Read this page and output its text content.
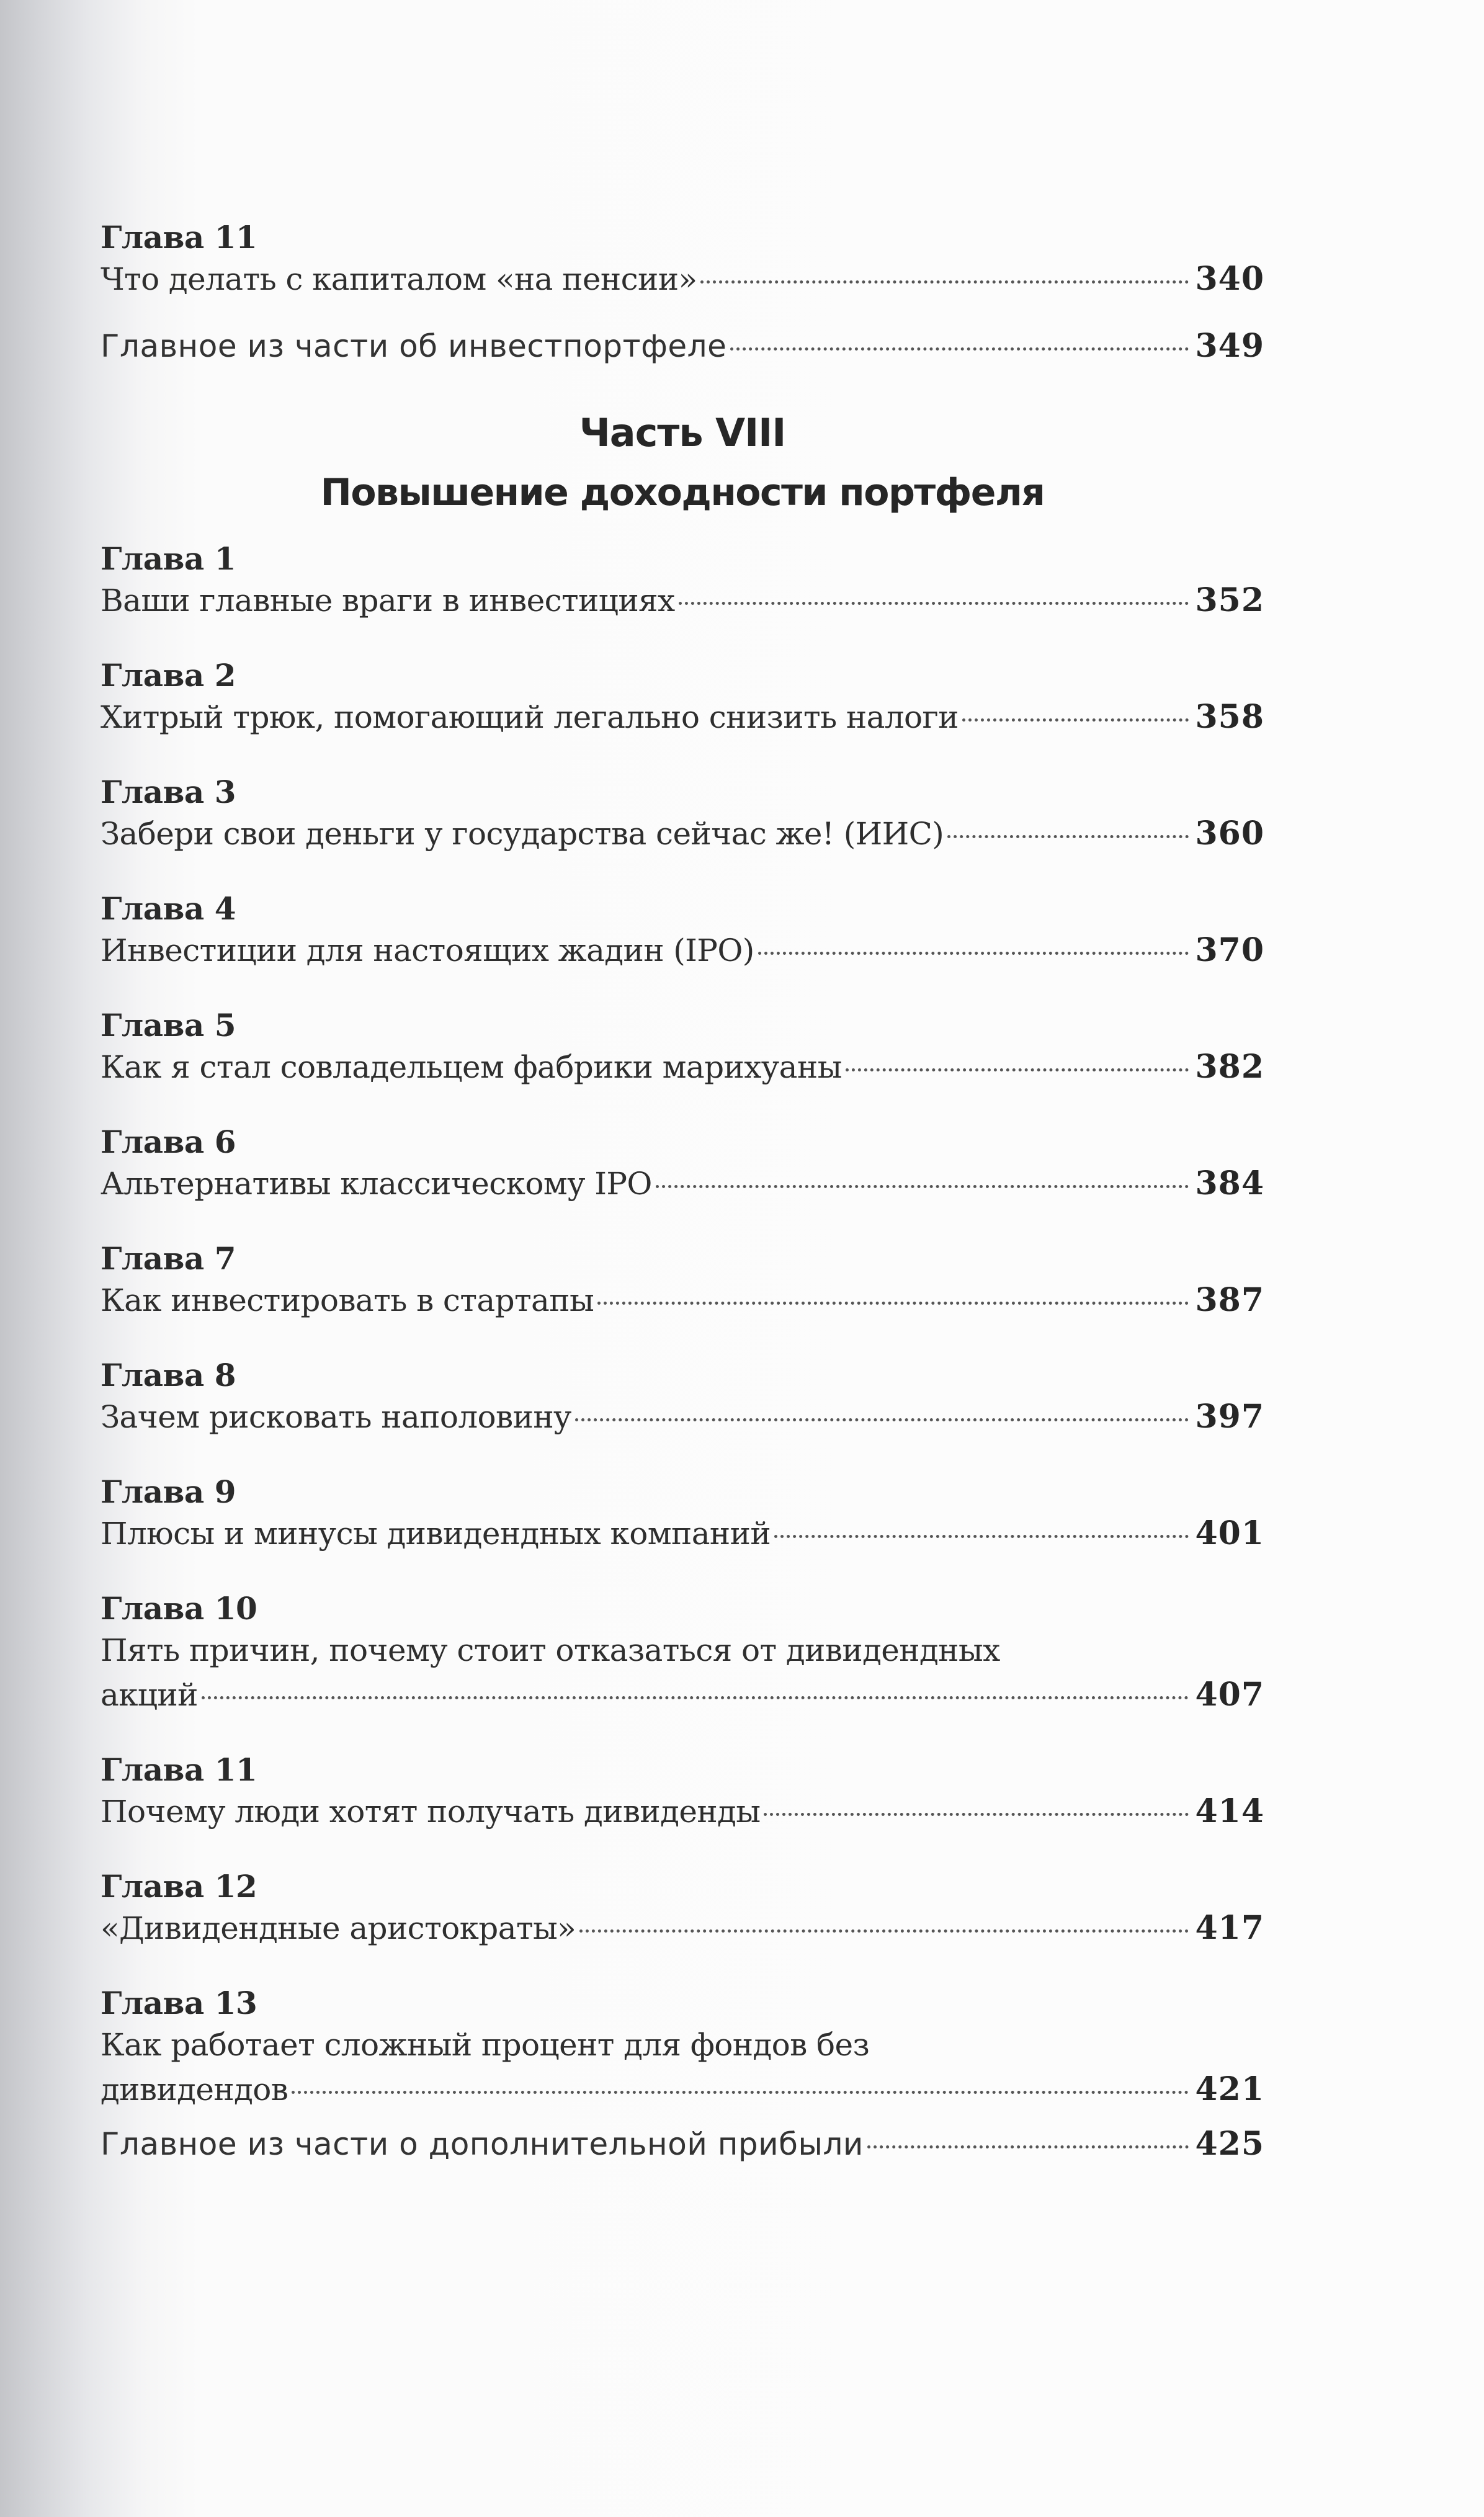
Глава 11
Что делать с капиталом «на пенсии»	340
Главное из части об инвестпортфеле	349
Часть VIII
Повышение доходности портфеля
Глава 1
Ваши главные враги в инвестициях	352
Глава 2
Хитрый трюк, помогающий легально снизить налоги	358
Глава 3
Забери свои деньги у государства сейчас же! (ИИС)	360
Глава 4
Инвестиции для настоящих жадин (IPO)	370
Глава 5
Как я стал совладельцем фабрики марихуаны	382
Глава 6
Альтернативы классическому IPO	384
Глава 7
Как инвестировать в стартапы	387
Глава 8
Зачем рисковать наполовину	397
Глава 9
Плюсы и минусы дивидендных компаний	401
Глава 10
Пять причин, почему стоит отказаться от дивидендных
акций	407
Глава 11
Почему люди хотят получать дивиденды	414
Глава 12
«Дивидендные аристократы»	417
Глава 13
Как работает сложный процент для фондов без
дивидендов	421
Главное из части о дополнительной прибыли	425
